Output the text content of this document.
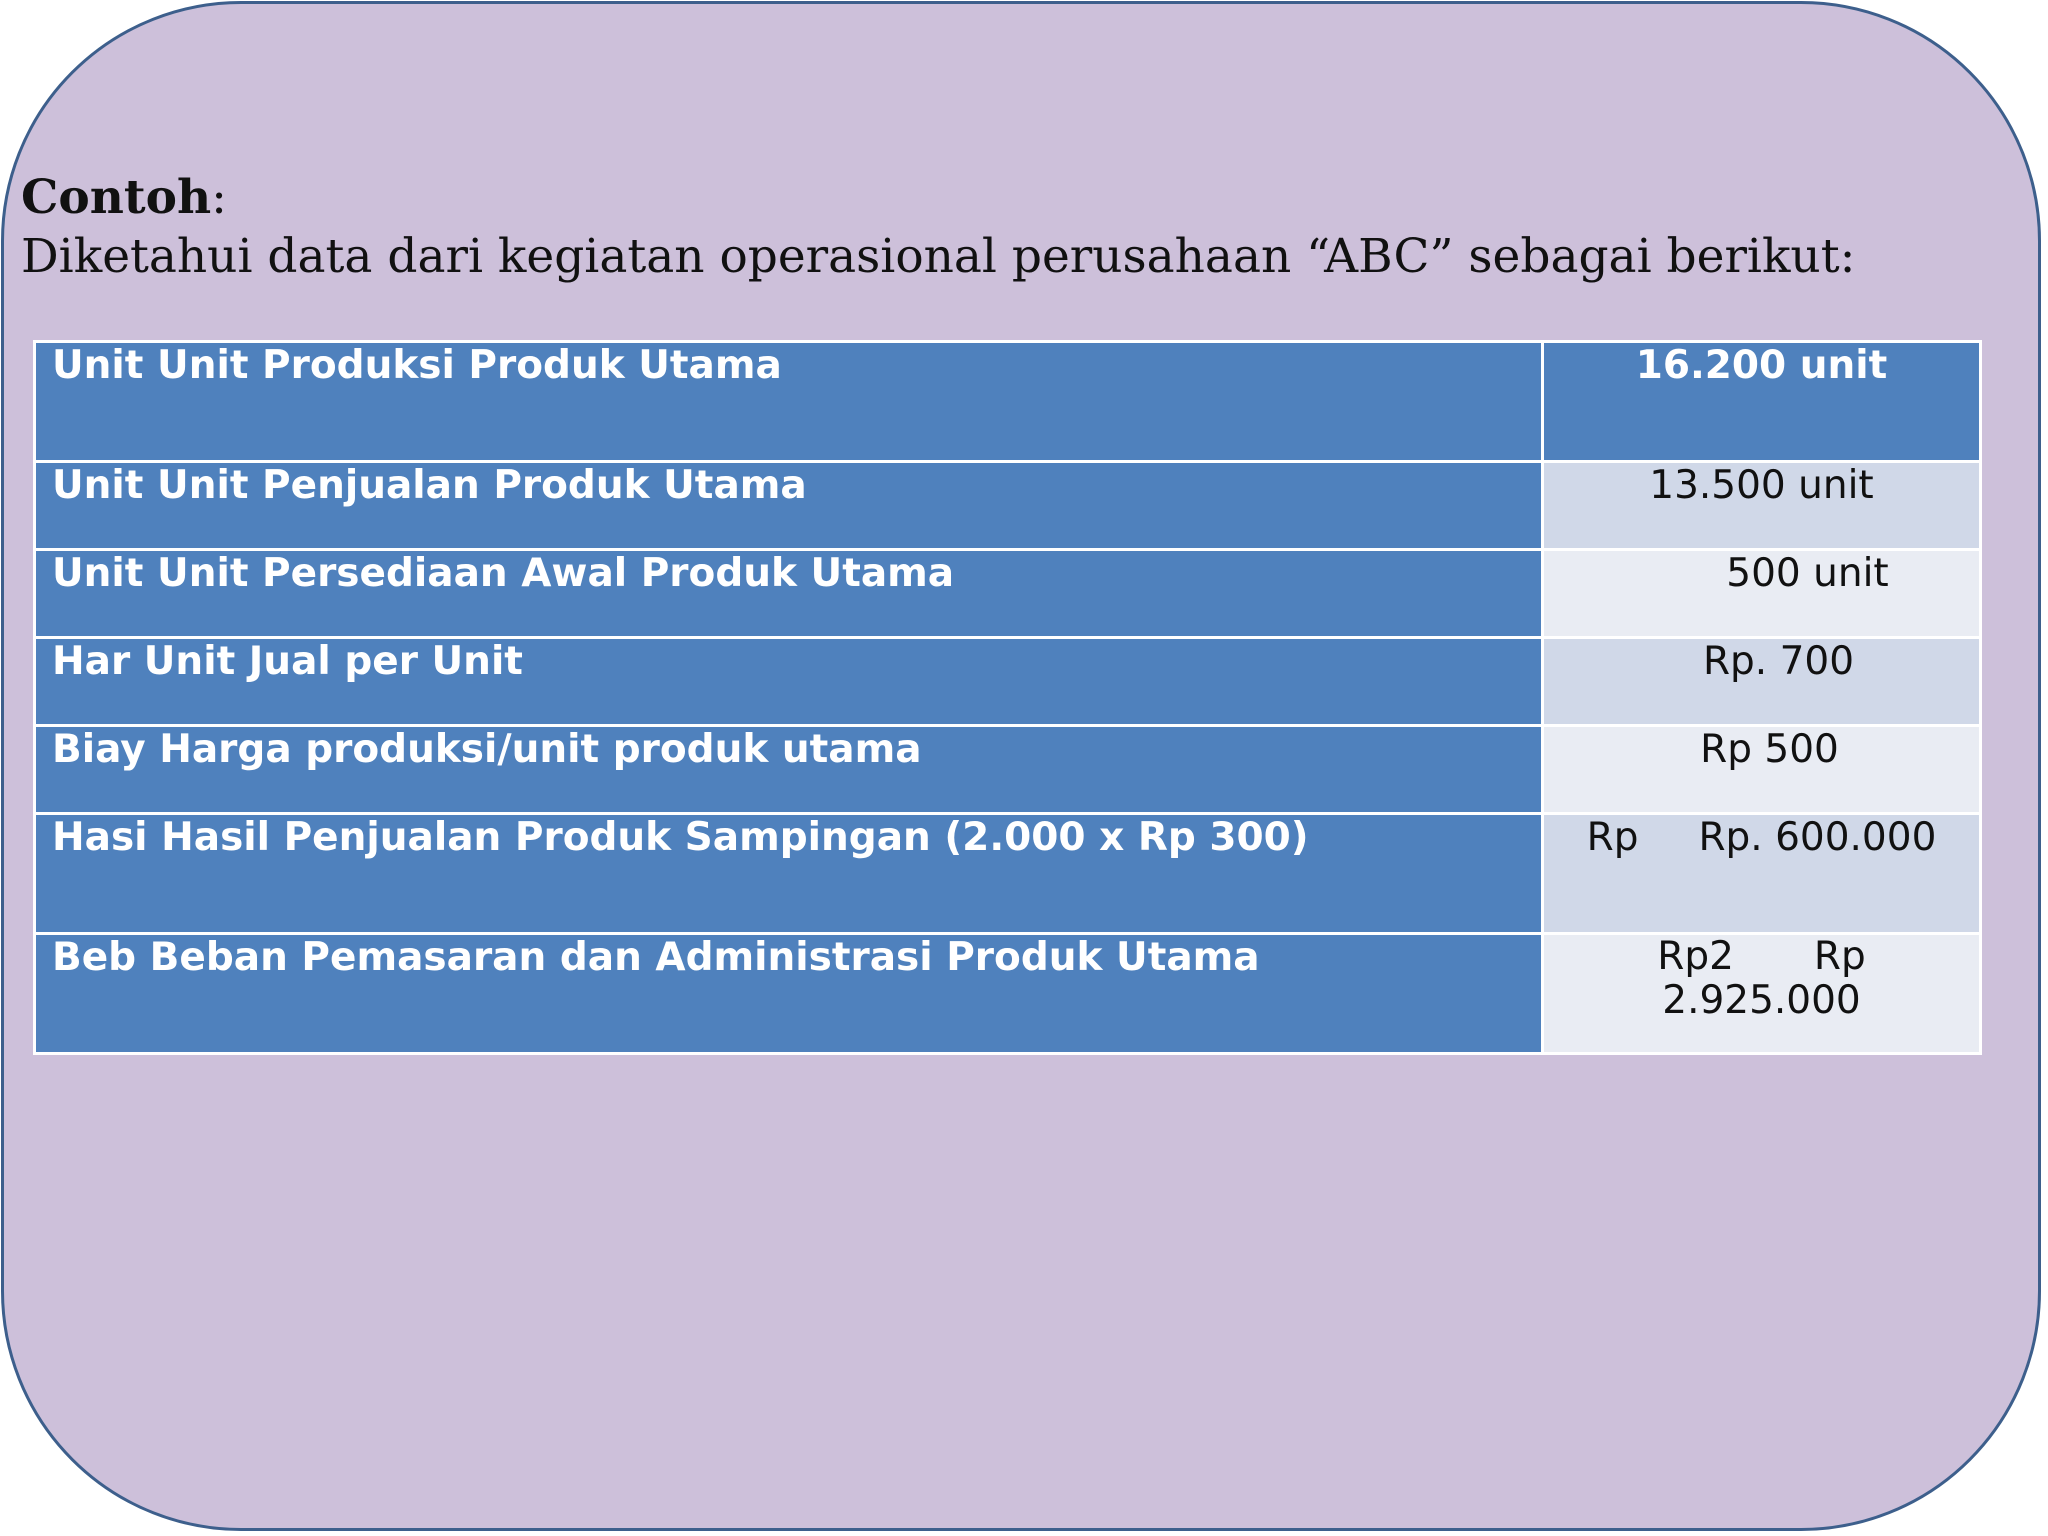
Contoh:
Diketahui data dari kegiatan operasional perusahaan “ABC” sebagai berikut:
Unit Unit Produksi Produk Utama	16.200 unit
Unit Unit Penjualan Produk Utama	13.500 unit
Unit Unit Persediaan Awal Produk Utama	500 unit
Har Unit Jual per Unit	Rp. 700
Biay Harga produksi/unit produk utama	Rp 500
Hasi Hasil Penjualan Produk Sampingan (2.000 x Rp 300)	Rp Rp. 600.000
Beb Beban Pemasaran dan Administrasi Produk Utama	Rp2 Rp
2.925.000
